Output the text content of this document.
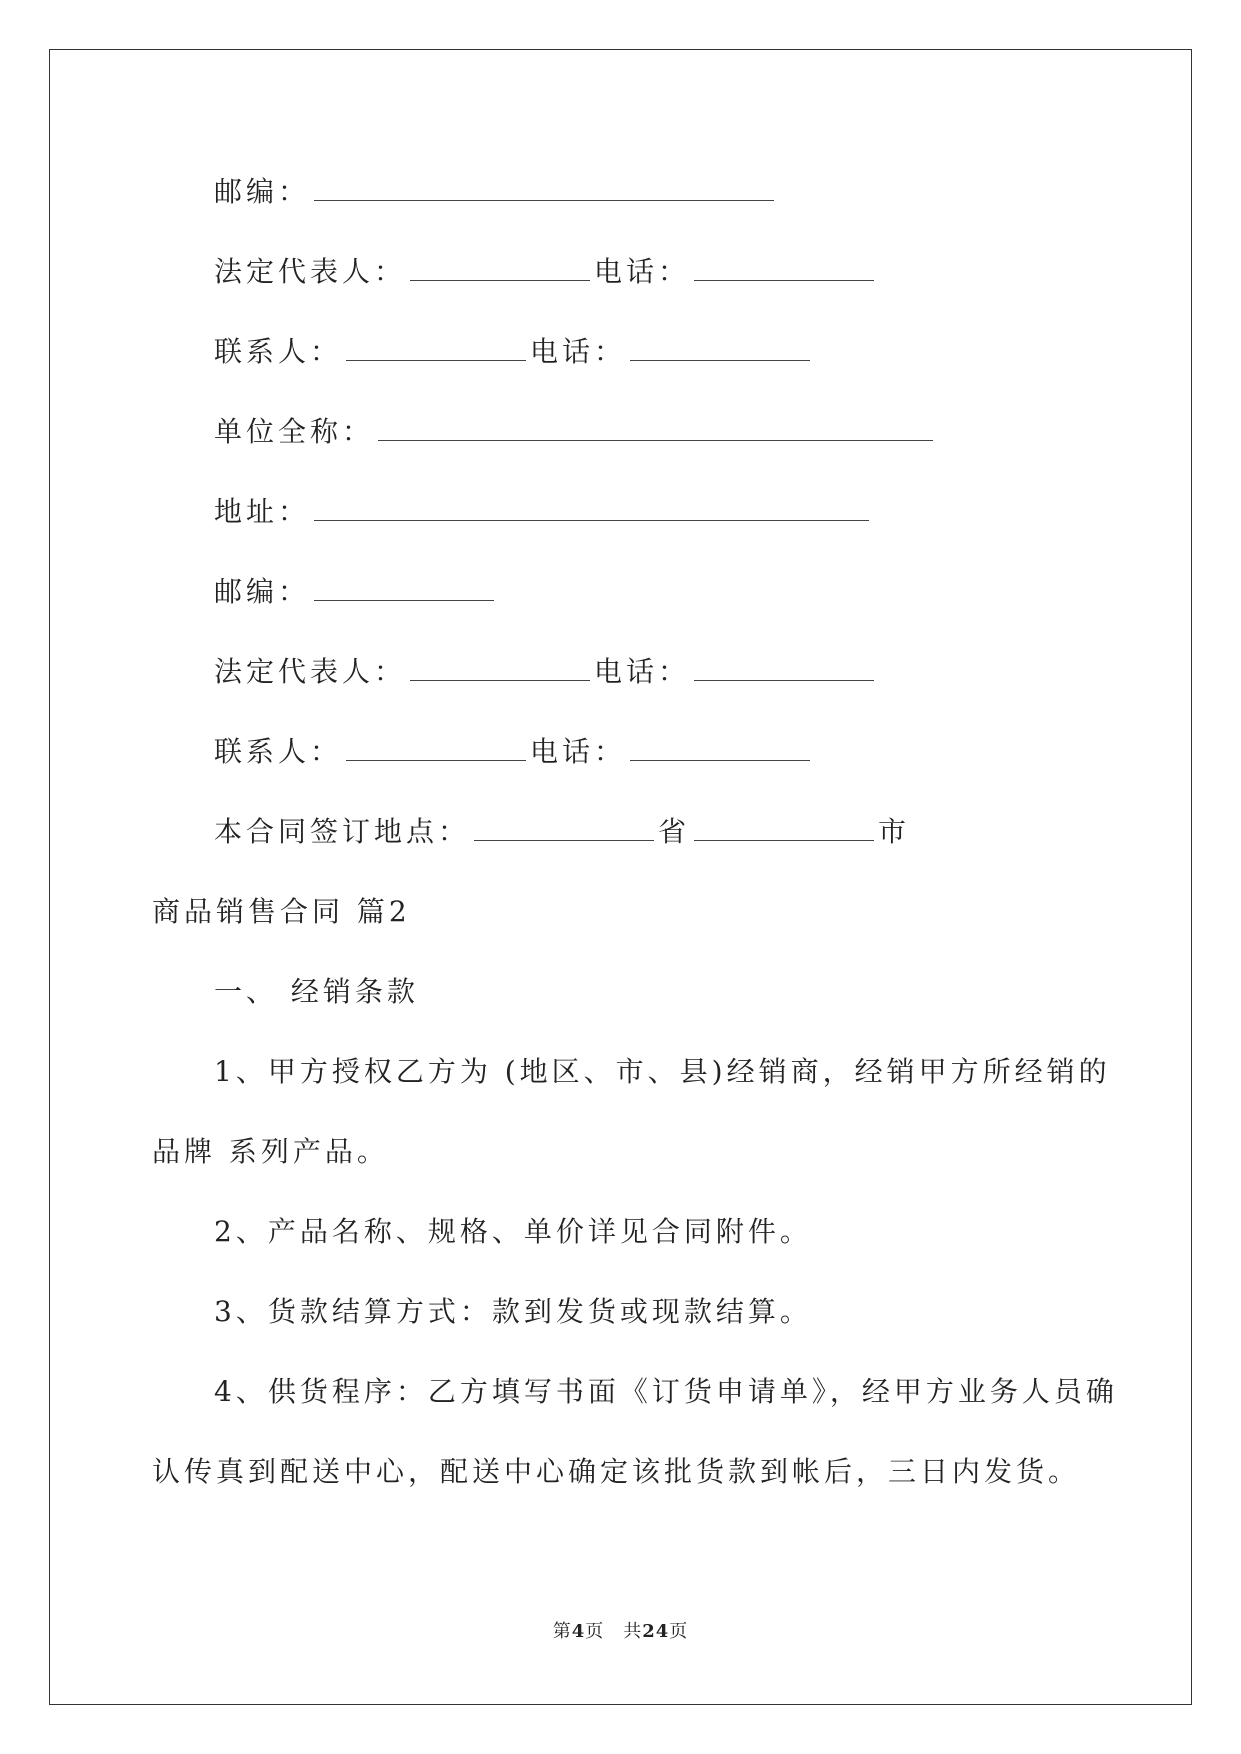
邮编：
法定代表人：	电话：
联系人：	电话：
单位全称：
地址：
邮编：
法定代表人：	电话：
联系人：	电话：
本合同签订地点：	省	市
商品销售合同 篇2
一、 经销条款
1、甲方授权乙方为 (地区、市、县)经销商，经销甲方所经销的
品牌 系列产品。
2、产品名称、规格、单价详见合同附件。
3、货款结算方式：款到发货或现款结算。
4、供货程序：乙方填写书面《订货申请单》，经甲方业务人员确
认传真到配送中心，配送中心确定该批货款到帐后，三日内发货。
第4页　共24页
